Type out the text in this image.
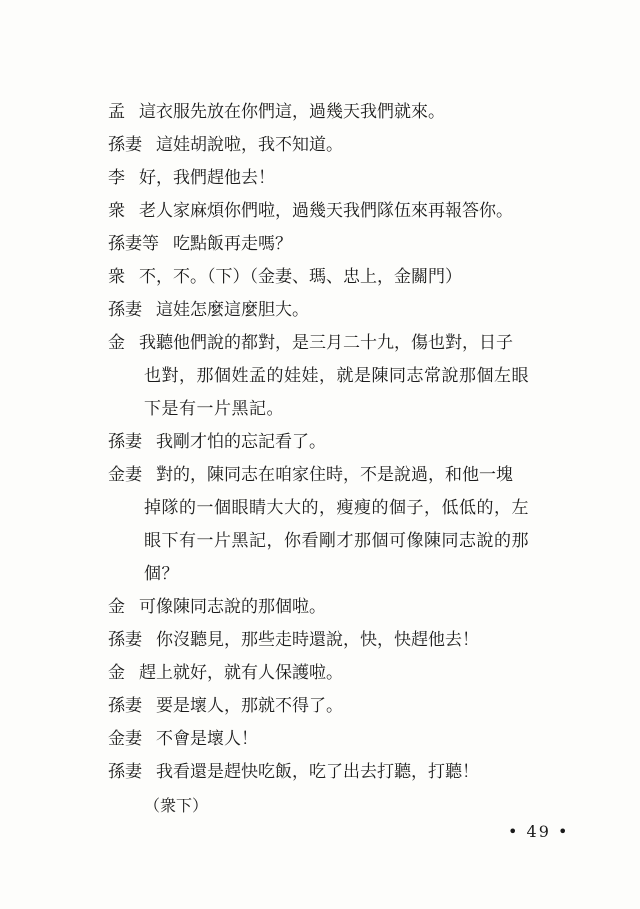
孟 這衣服先放在你們這，過幾天我們就來。
孫妻 這娃胡說啦，我不知道。
李 好，我們趕他去！
衆 老人家麻煩你們啦，過幾天我們隊伍來再報答你。
孫妻等 吃點飯再走嗎？
衆 不，不。（下）（金妻、瑪、忠上，金關門）
孫妻 這娃怎麼這麼胆大。
金 我聽他們說的都對，是三月二十九，傷也對，日子
也對，那個姓孟的娃娃，就是陳同志常說那個左眼
下是有一片黑記。
孫妻 我剛才怕的忘記看了。
金妻 對的，陳同志在咱家住時，不是說過，和他一塊
掉隊的一個眼睛大大的，瘦瘦的個子，低低的，左
眼下有一片黑記，你看剛才那個可像陳同志說的那
個？
金 可像陳同志說的那個啦。
孫妻 你沒聽見，那些走時還說，快，快趕他去！
金 趕上就好，就有人保護啦。
孫妻 要是壞人，那就不得了。
金妻 不會是壞人！
孫妻 我看還是趕快吃飯，吃了出去打聽，打聽！
（衆下）
• 49 •
